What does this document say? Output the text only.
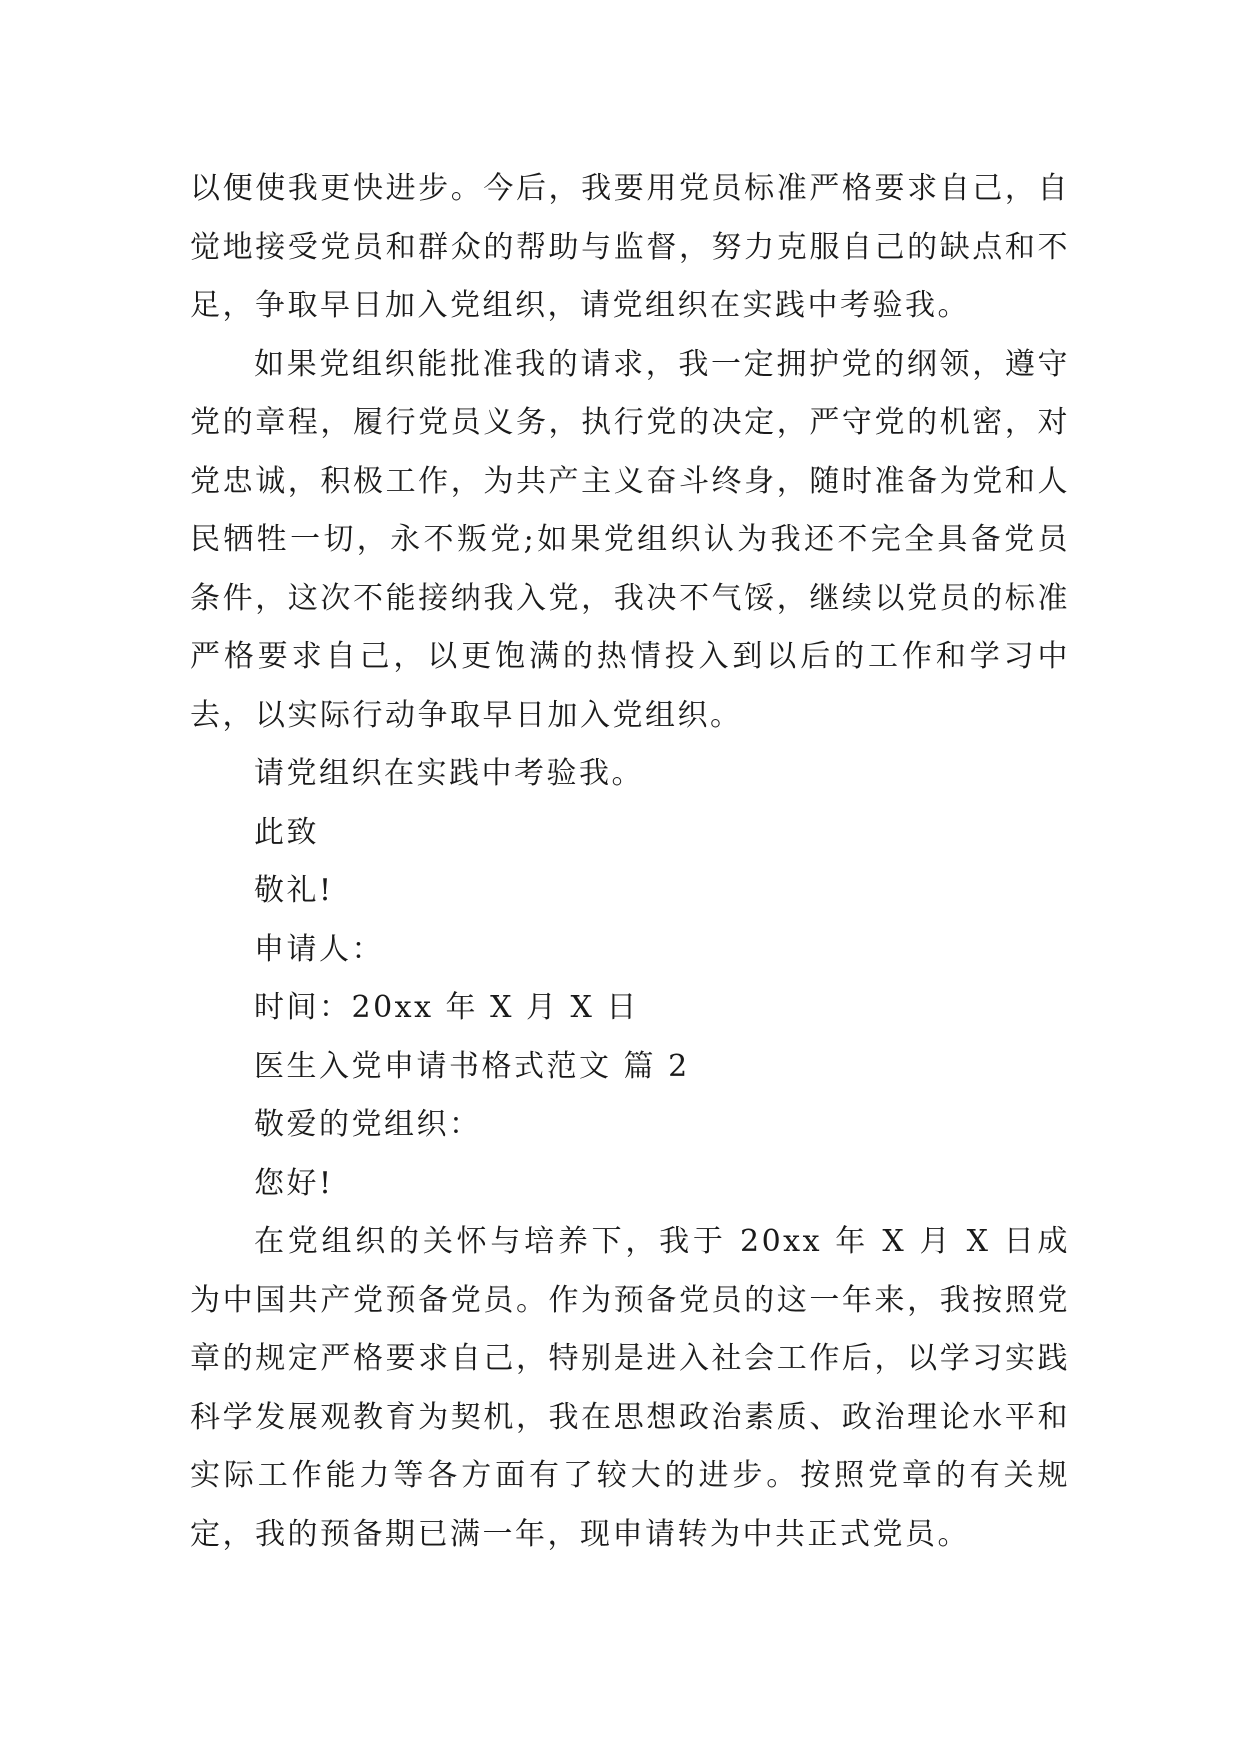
以便使我更快进步。今后，我要用党员标准严格要求自己，自觉地接受党员和群众的帮助与监督，努力克服自己的缺点和不足，争取早日加入党组织，请党组织在实践中考验我。

如果党组织能批准我的请求，我一定拥护党的纲领，遵守党的章程，履行党员义务，执行党的决定，严守党的机密，对党忠诚，积极工作，为共产主义奋斗终身，随时准备为党和人民牺牲一切，永不叛党;如果党组织认为我还不完全具备党员条件，这次不能接纳我入党，我决不气馁，继续以党员的标准严格要求自己，以更饱满的热情投入到以后的工作和学习中去，以实际行动争取早日加入党组织。

请党组织在实践中考验我。

此致

敬礼!

申请人：

时间：20xx 年 X 月 X 日

医生入党申请书格式范文 篇 2

敬爱的党组织：

您好!

在党组织的关怀与培养下，我于 20xx 年 X 月 X 日成为中国共产党预备党员。作为预备党员的这一年来，我按照党章的规定严格要求自己，特别是进入社会工作后，以学习实践科学发展观教育为契机，我在思想政治素质、政治理论水平和实际工作能力等各方面有了较大的进步。按照党章的有关规定，我的预备期已满一年，现申请转为中共正式党员。
